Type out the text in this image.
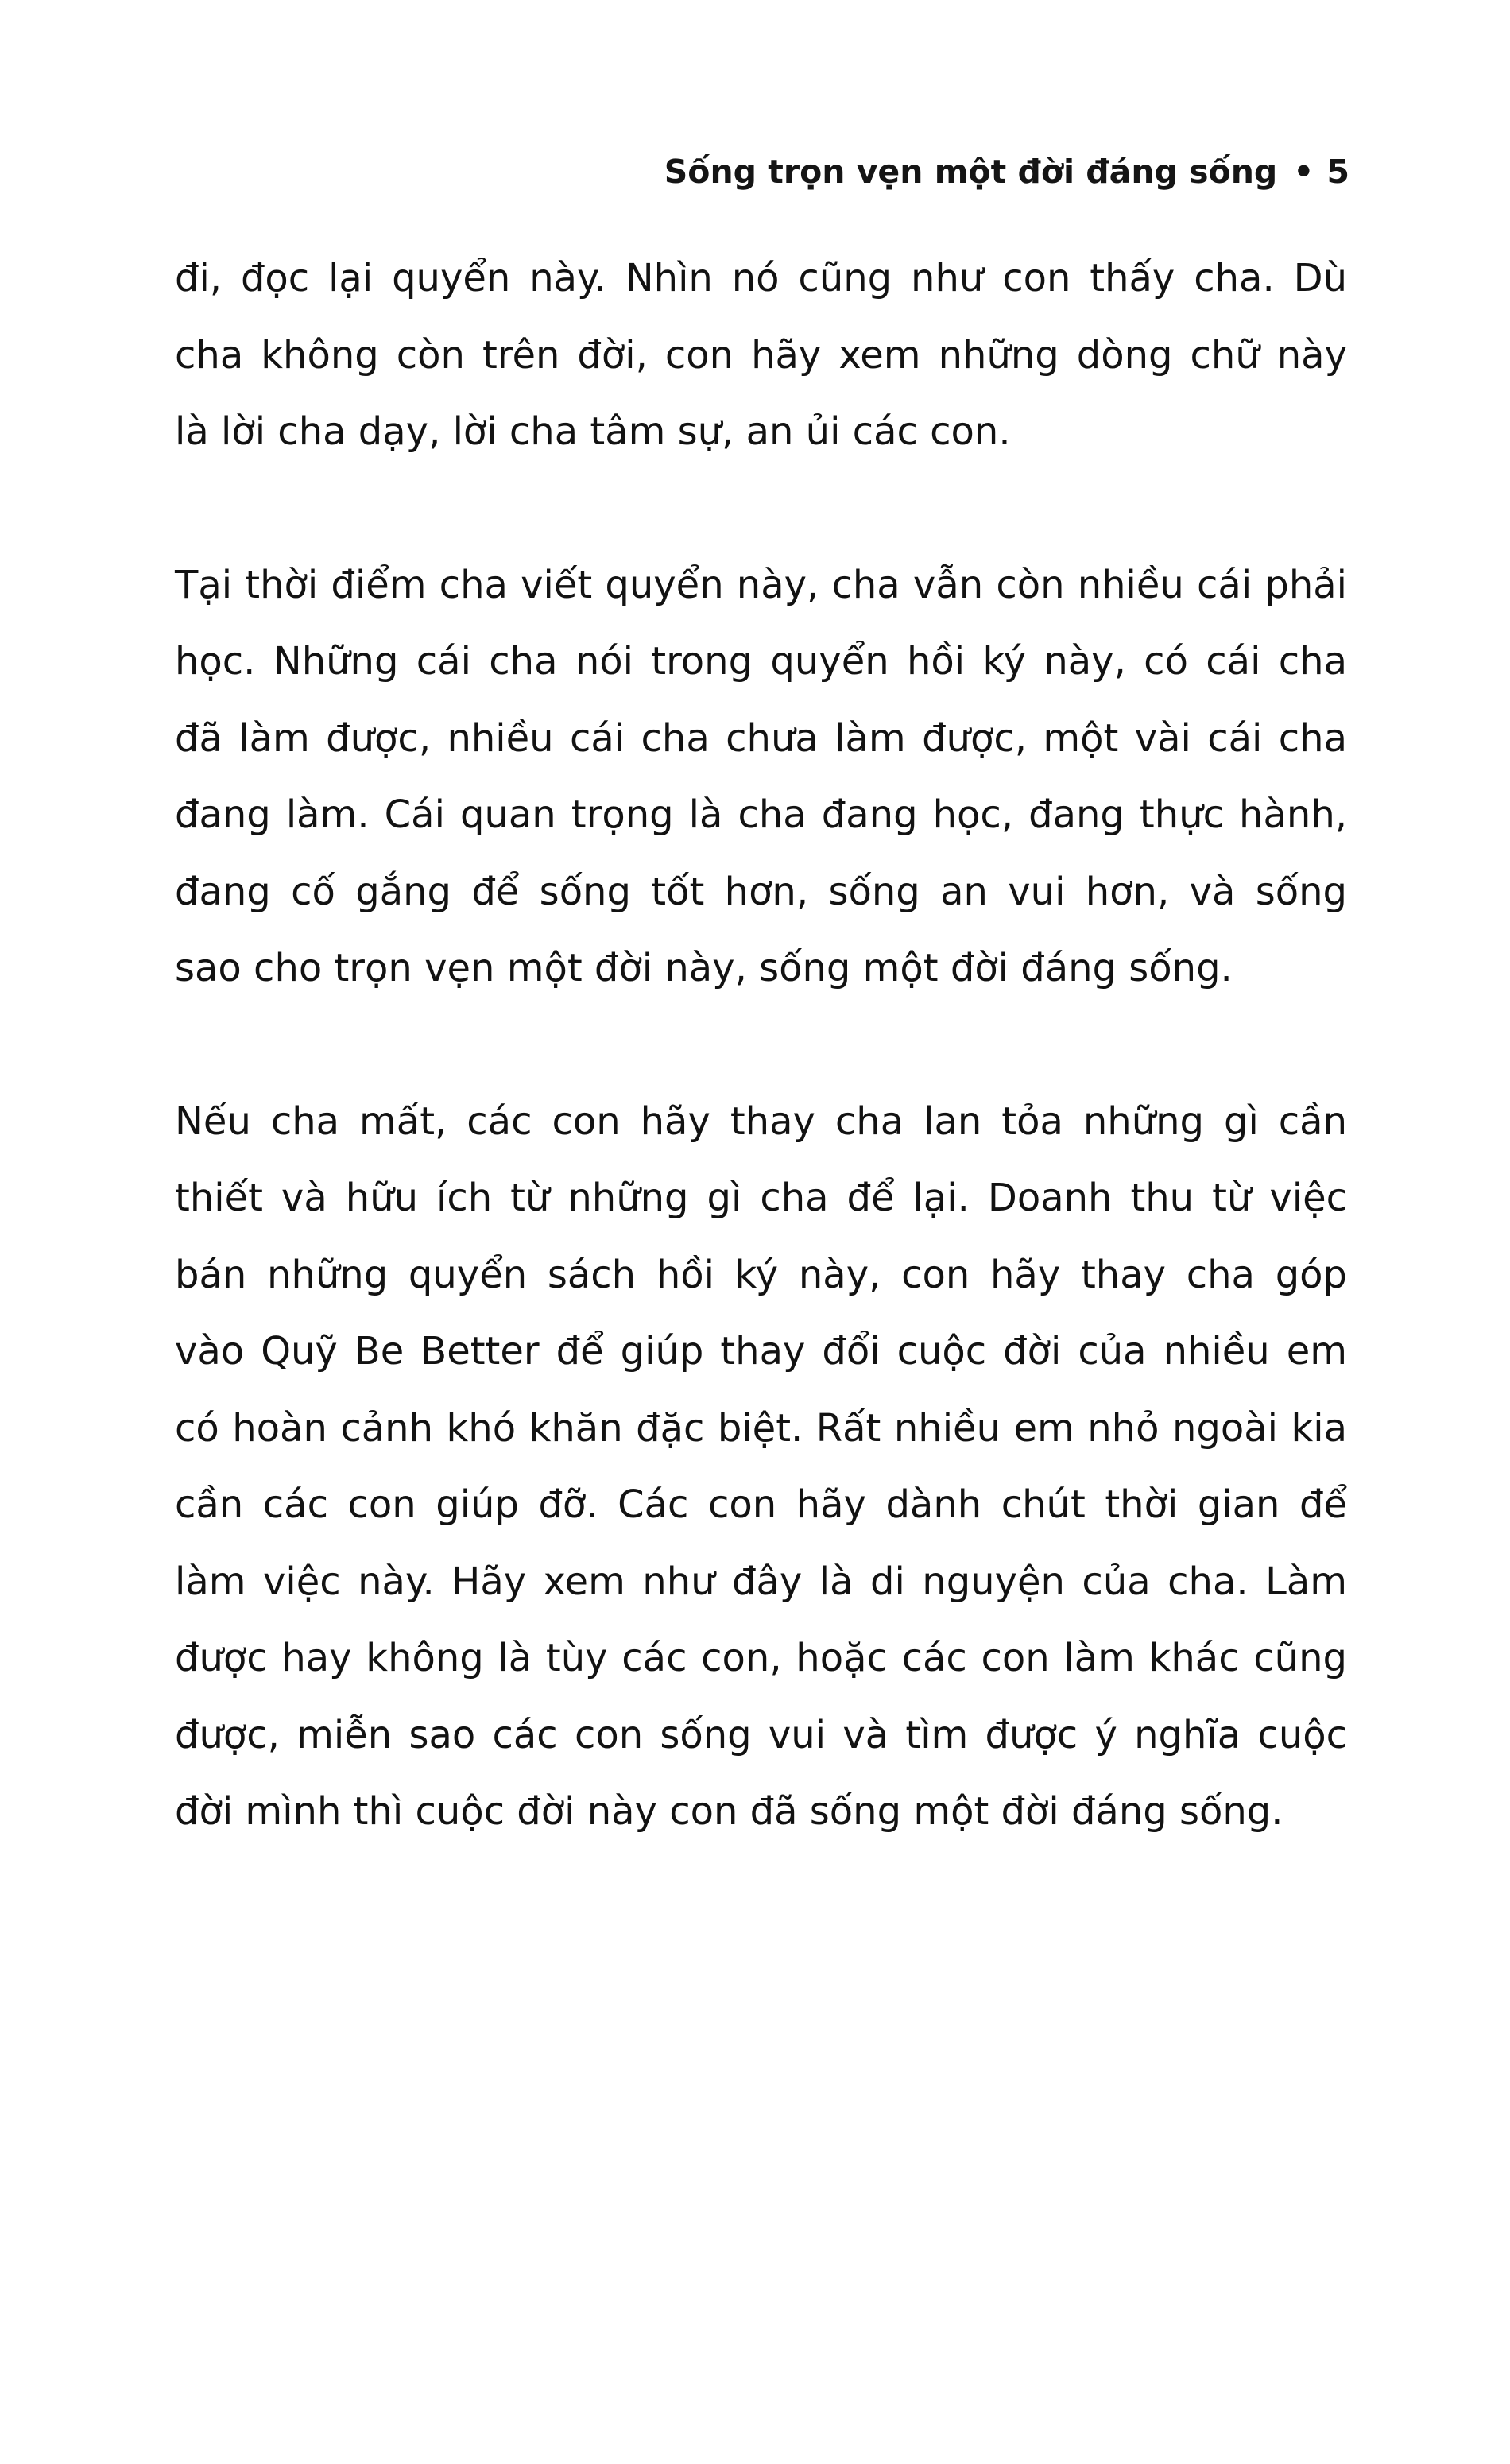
Sống trọn vẹn một đời đáng sống • 5
đi, đọc lại quyển này. Nhìn nó cũng như con thấy cha. Dù
cha không còn trên đời, con hãy xem những dòng chữ này
là lời cha dạy, lời cha tâm sự, an ủi các con.
Tại thời điểm cha viết quyển này, cha vẫn còn nhiều cái phải
học. Những cái cha nói trong quyển hồi ký này, có cái cha
đã làm được, nhiều cái cha chưa làm được, một vài cái cha
đang làm. Cái quan trọng là cha đang học, đang thực hành,
đang cố gắng để sống tốt hơn, sống an vui hơn, và sống
sao cho trọn vẹn một đời này, sống một đời đáng sống.
Nếu cha mất, các con hãy thay cha lan tỏa những gì cần
thiết và hữu ích từ những gì cha để lại. Doanh thu từ việc
bán những quyển sách hồi ký này, con hãy thay cha góp
vào Quỹ Be Better để giúp thay đổi cuộc đời của nhiều em
có hoàn cảnh khó khăn đặc biệt. Rất nhiều em nhỏ ngoài kia
cần các con giúp đỡ. Các con hãy dành chút thời gian để
làm việc này. Hãy xem như đây là di nguyện của cha. Làm
được hay không là tùy các con, hoặc các con làm khác cũng
được, miễn sao các con sống vui và tìm được ý nghĩa cuộc
đời mình thì cuộc đời này con đã sống một đời đáng sống.
